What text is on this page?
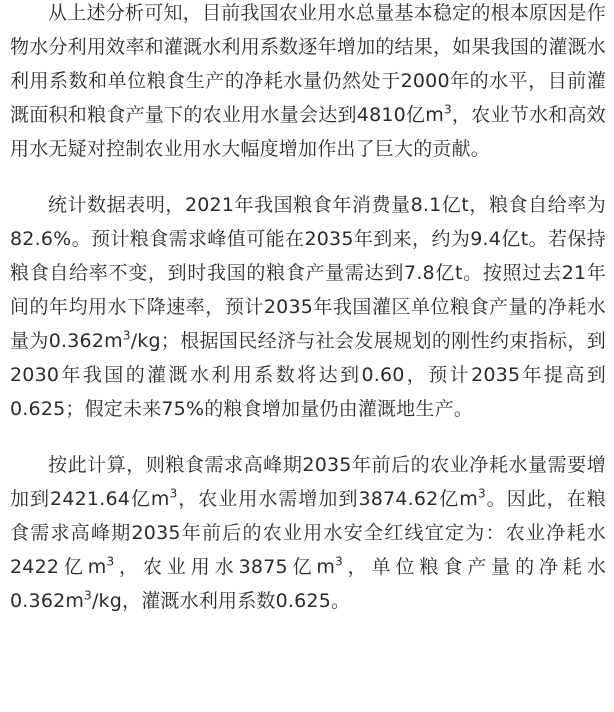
从上述分析可知，目前我国农业用水总量基本稳定的根本原因是作物水分利用效率和灌溉水利用系数逐年增加的结果，如果我国的灌溉水利用系数和单位粮食生产的净耗水量仍然处于2000年的水平，目前灌溉面积和粮食产量下的农业用水量会达到4810亿$m^3$，农业节水和高效用水无疑对控制农业用水大幅度增加作出了巨大的贡献。

统计数据表明，2021年我国粮食年消费量8.1亿t，粮食自给率为82.6%。预计粮食需求峰值可能在2035年到来，约为9.4亿t。若保持粮食自给率不变，到时我国的粮食产量需达到7.8亿t。按照过去21年间的年均用水下降速率，预计2035年我国灌区单位粮食产量的净耗水量为$0.362m^3/kg$；根据国民经济与社会发展规划的刚性约束指标，到2030年我国的灌溉水利用系数将达到0.60，预计2035年提高到0.625；假定未来75%的粮食增加量仍由灌溉地生产。

按此计算，则粮食需求高峰期2035年前后的农业净耗水量需要增加到2421.64亿$m^3$，农业用水需增加到3874.62亿$m^3$。因此，在粮食需求高峰期2035年前后的农业用水安全红线宜定为：农业净耗水2422亿$m^3$，农业用水3875亿$m^3$，单位粮食产量的净耗水$0.362m^3/kg$，灌溉水利用系数0.625。
